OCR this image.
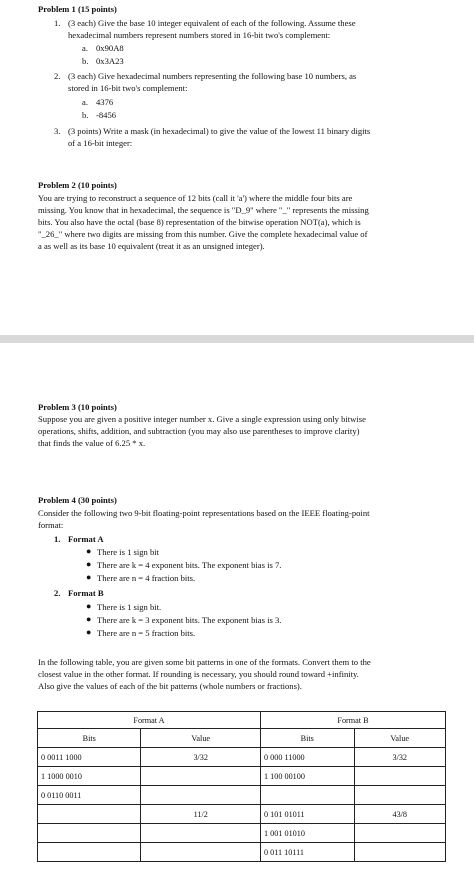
Problem 1 (15 points)
1. (3 each) Give the base 10 integer equivalent of each of the following. Assume these
hexadecimal numbers represent numbers stored in 16-bit two's complement:
a. 0x90A8
b. 0x3A23
2. (3 each) Give hexadecimal numbers representing the following base 10 numbers, as
stored in 16-bit two's complement:
a. 4376
b. -8456
3. (3 points) Write a mask (in hexadecimal) to give the value of the lowest 11 binary digits
of a 16-bit integer:
Problem 2 (10 points)
You are trying to reconstruct a sequence of 12 bits (call it 'a') where the middle four bits are
missing. You know that in hexadecimal, the sequence is "D_9" where "_" represents the missing
bits. You also have the octal (base 8) representation of the bitwise operation NOT(a), which is
"_26_" where two digits are missing from this number. Give the complete hexadecimal value of
a as well as its base 10 equivalent (treat it as an unsigned integer).
Problem 3 (10 points)
Suppose you are given a positive integer number x. Give a single expression using only bitwise
operations, shifts, addition, and subtraction (you may also use parentheses to improve clarity)
that finds the value of 6.25 * x.
Problem 4 (30 points)
Consider the following two 9-bit floating-point representations based on the IEEE floating-point
format:
1. Format A
● There is 1 sign bit
● There are k = 4 exponent bits. The exponent bias is 7.
● There are n = 4 fraction bits.
2. Format B
● There is 1 sign bit.
● There are k = 3 exponent bits. The exponent bias is 3.
● There are n = 5 fraction bits.
In the following table, you are given some bit patterns in one of the formats. Convert them to the
closest value in the other format. If rounding is necessary, you should round toward +infinity.
Also give the values of each of the bit patterns (whole numbers or fractions).
Format A		Format B	
Bits	Value	Bits	Value
0 0011 1000	3/32	0 000 11000	3/32
1 1000 0010		1 100 00100	
0 0110 0011			
	11/2	0 101 01011	43/8
		1 001 01010	
		0 011 10111	
